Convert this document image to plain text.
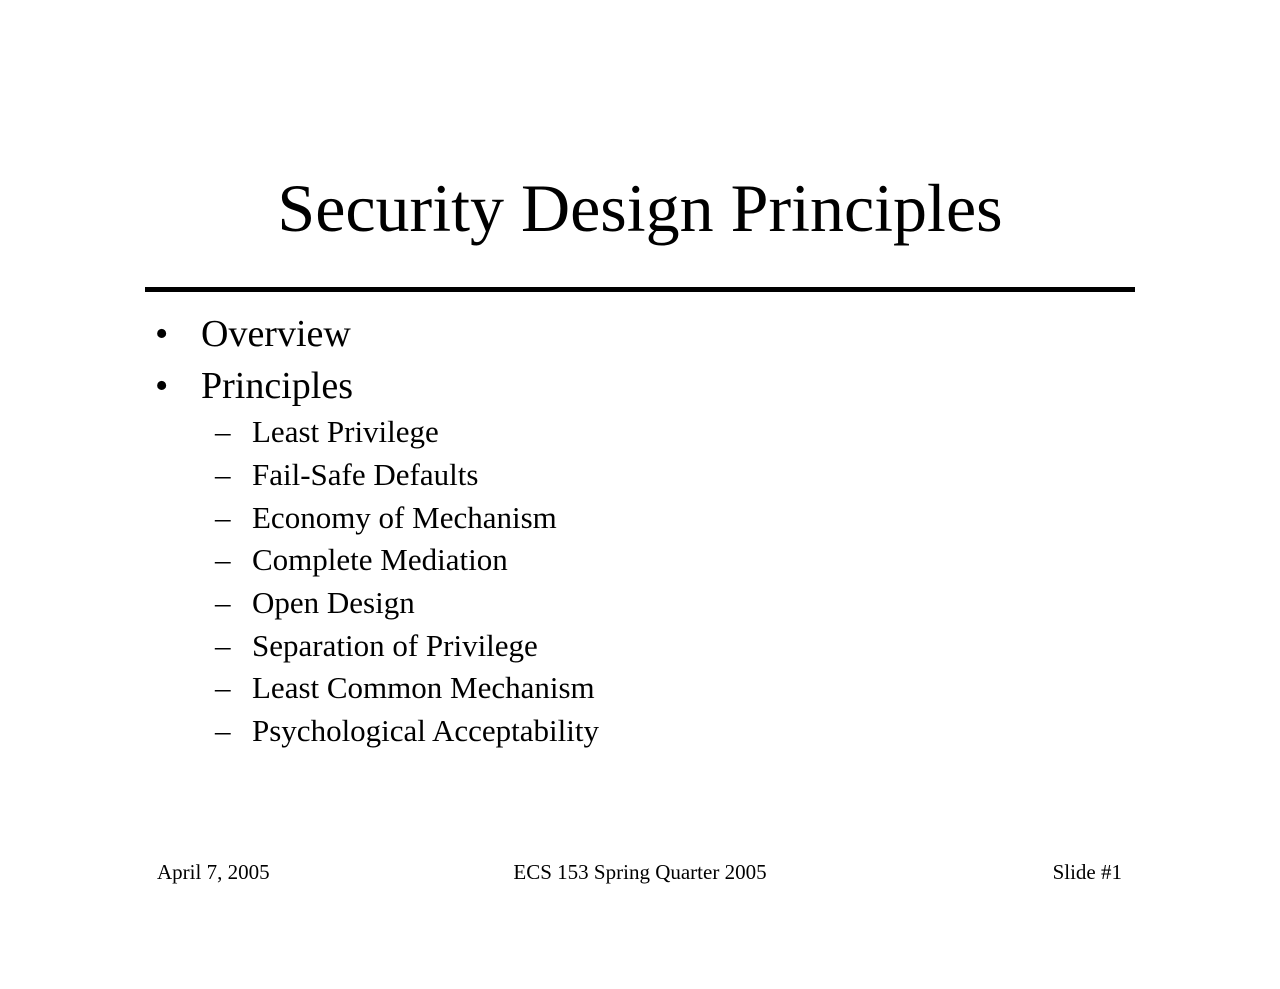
Security Design Principles
• Overview
• Principles
– Least Privilege
– Fail-Safe Defaults
– Economy of Mechanism
– Complete Mediation
– Open Design
– Separation of Privilege
– Least Common Mechanism
– Psychological Acceptability
April 7, 2005	ECS 153 Spring Quarter 2005	Slide #1
